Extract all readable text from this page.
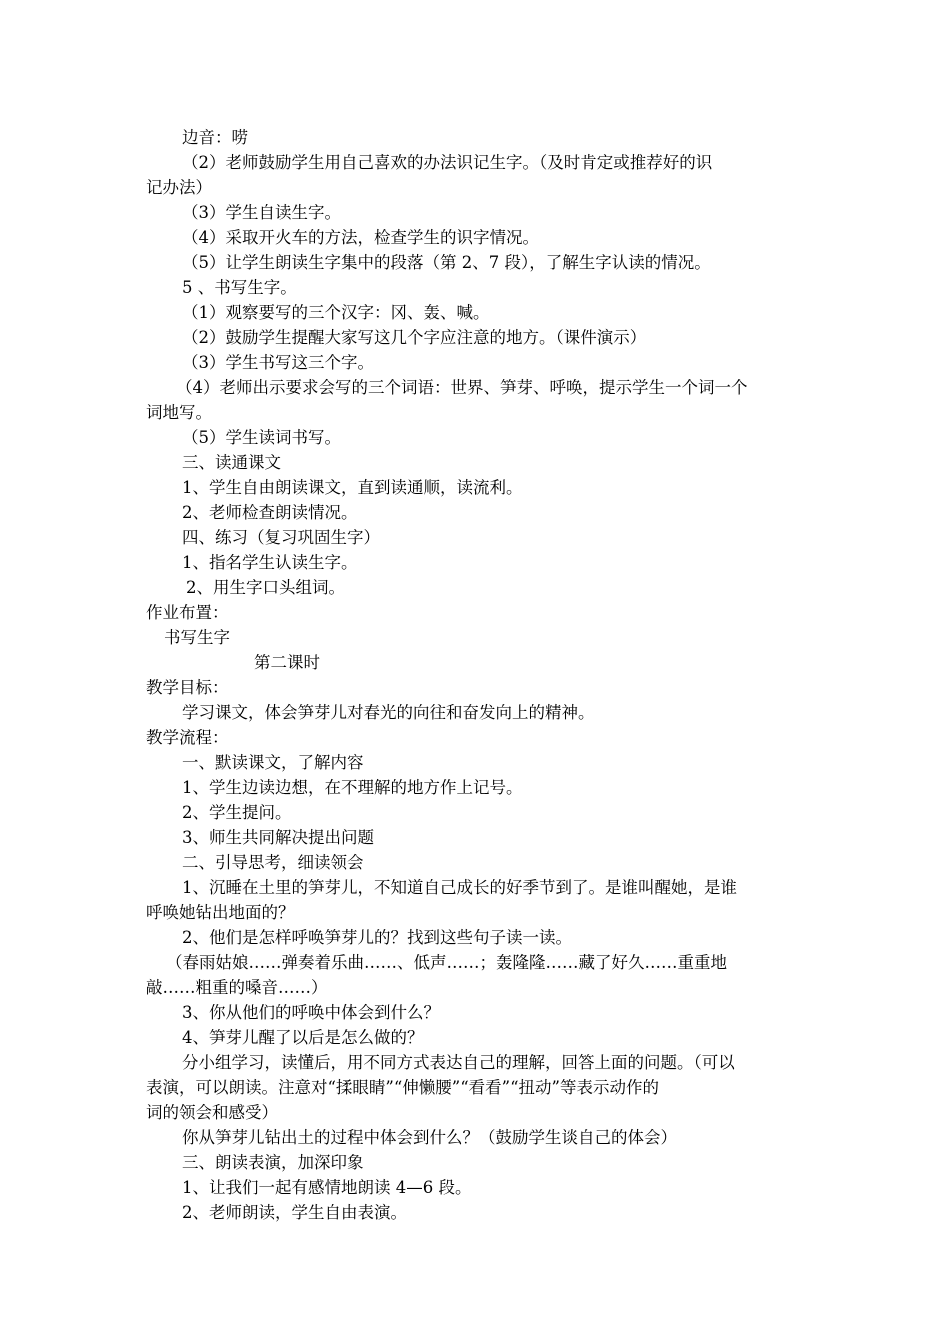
边音：唠
（2）老师鼓励学生用自己喜欢的办法识记生字。（及时肯定或推荐好的识
记办法）
（3）学生自读生字。
（4）采取开火车的方法，检查学生的识字情况。
（5）让学生朗读生字集中的段落（第 2、7 段），了解生字认读的情况。
5 、书写生字。
（1）观察要写的三个汉字：冈、轰、喊。
（2）鼓励学生提醒大家写这几个字应注意的地方。（课件演示）
（3）学生书写这三个字。
（4）老师出示要求会写的三个词语：世界、笋芽、呼唤，提示学生一个词一个
词地写。
（5）学生读词书写。
三、读通课文
1、学生自由朗读课文，直到读通顺，读流利。
2、老师检查朗读情况。
四、练习（复习巩固生字）
1、指名学生认读生字。
2、用生字口头组词。
作业布置：
书写生字
第二课时
教学目标：
学习课文，体会笋芽儿对春光的向往和奋发向上的精神。
教学流程：
一、默读课文，了解内容
1、学生边读边想，在不理解的地方作上记号。
2、学生提问。
3、师生共同解决提出问题
二、引导思考，细读领会
1、沉睡在土里的笋芽儿，不知道自己成长的好季节到了。是谁叫醒她，是谁
呼唤她钻出地面的？
2、他们是怎样呼唤笋芽儿的？找到这些句子读一读。
（春雨姑娘……弹奏着乐曲……、低声……；轰隆隆……藏了好久……重重地
敲……粗重的嗓音……）
3、你从他们的呼唤中体会到什么？
4、笋芽儿醒了以后是怎么做的？
分小组学习，读懂后，用不同方式表达自己的理解，回答上面的问题。（可以
表演，可以朗读。注意对“揉眼睛”“伸懒腰”“看看”“扭动”等表示动作的
词的领会和感受）
你从笋芽儿钻出土的过程中体会到什么？（鼓励学生谈自己的体会）
三、朗读表演，加深印象
1、让我们一起有感情地朗读 4—6 段。
2、老师朗读，学生自由表演。
